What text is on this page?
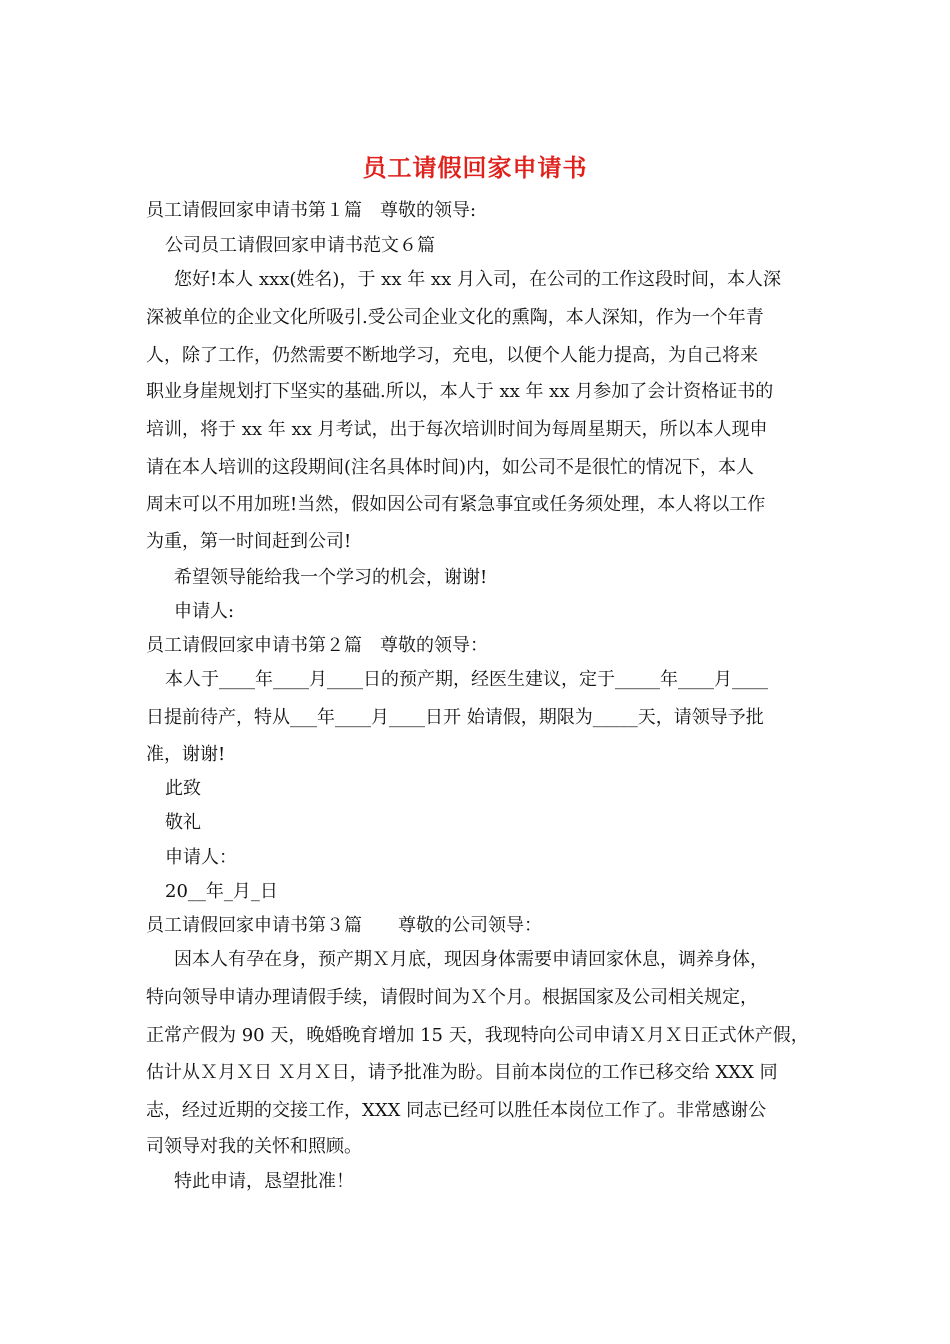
员工请假回家申请书
员工请假回家申请书第１篇　尊敬的领导:
公司员工请假回家申请书范文６篇
您好!本人 xxx(姓名)，于 xx 年 xx 月入司，在公司的工作这段时间，本人深
深被单位的企业文化所吸引.受公司企业文化的熏陶，本人深知，作为一个年青
人，除了工作，仍然需要不断地学习，充电，以便个人能力提高，为自己将来
职业身崖规划打下坚实的基础.所以，本人于 xx 年 xx 月参加了会计资格证书的
培训，将于 xx 年 xx 月考试，出于每次培训时间为每周星期天，所以本人现申
请在本人培训的这段期间(注名具体时间)内，如公司不是很忙的情况下，本人
周末可以不用加班!当然，假如因公司有紧急事宜或任务须处理，本人将以工作
为重，第一时间赶到公司!
希望领导能给我一个学习的机会，谢谢!
申请人:
员工请假回家申请书第２篇　尊敬的领导：
本人于____年____月____日的预产期，经医生建议，定于_____年____月____
日提前待产，特从___年____月____日开 始请假，期限为_____天，请领导予批
准，谢谢!
此致
敬礼
申请人：
20__年_月_日
员工请假回家申请书第３篇　　尊敬的公司领导：
因本人有孕在身，预产期Ｘ月底，现因身体需要申请回家休息，调养身体，
特向领导申请办理请假手续，请假时间为Ｘ个月。根据国家及公司相关规定，
正常产假为 90 天，晚婚晚育增加 15 天，我现特向公司申请Ｘ月Ｘ日正式休产假，
估计从Ｘ月Ｘ日 Ｘ月Ｘ日，请予批准为盼。目前本岗位的工作已移交给 XXX 同
志，经过近期的交接工作，XXX 同志已经可以胜任本岗位工作了。非常感谢公
司领导对我的关怀和照顾。
特此申请，恳望批准！
